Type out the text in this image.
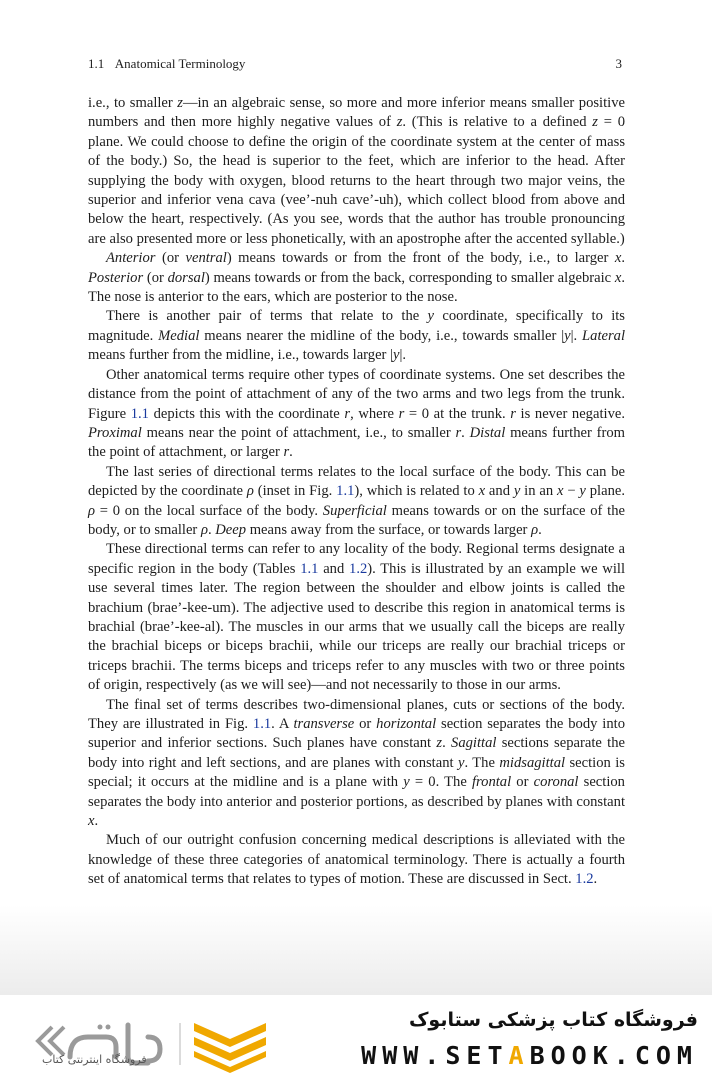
1.1 Anatomical Terminology	3

i.e., to smaller z—in an algebraic sense, so more and more inferior means smaller positive numbers and then more highly negative values of z. (This is relative to a defined z = 0 plane. We could choose to define the origin of the coordinate system at the center of mass of the body.) So, the head is superior to the feet, which are inferior to the head. After supplying the body with oxygen, blood returns to the heart through two major veins, the superior and inferior vena cava (vee’-nuh cave’-uh), which collect blood from above and below the heart, respectively. (As you see, words that the author has trouble pronouncing are also presented more or less phonetically, with an apostrophe after the accented syllable.)

Anterior (or ventral) means towards or from the front of the body, i.e., to larger x. Posterior (or dorsal) means towards or from the back, corresponding to smaller algebraic x. The nose is anterior to the ears, which are posterior to the nose.

There is another pair of terms that relate to the y coordinate, specifically to its magnitude. Medial means nearer the midline of the body, i.e., towards smaller |y|. Lateral means further from the midline, i.e., towards larger |y|.

Other anatomical terms require other types of coordinate systems. One set describes the distance from the point of attachment of any of the two arms and two legs from the trunk. Figure 1.1 depicts this with the coordinate r, where r = 0 at the trunk. r is never negative. Proximal means near the point of attachment, i.e., to smaller r. Distal means further from the point of attachment, or larger r.

The last series of directional terms relates to the local surface of the body. This can be depicted by the coordinate ρ (inset in Fig. 1.1), which is related to x and y in an x − y plane. ρ = 0 on the local surface of the body. Superficial means towards or on the surface of the body, or to smaller ρ. Deep means away from the surface, or towards larger ρ.

These directional terms can refer to any locality of the body. Regional terms designate a specific region in the body (Tables 1.1 and 1.2). This is illustrated by an example we will use several times later. The region between the shoulder and elbow joints is called the brachium (brae’-kee-um). The adjective used to describe this region in anatomical terms is brachial (brae’-kee-al). The muscles in our arms that we usually call the biceps are really the brachial biceps or biceps brachii, while our triceps are really our brachial triceps or triceps brachii. The terms biceps and triceps refer to any muscles with two or three points of origin, respectively (as we will see)—and not necessarily to those in our arms.

The final set of terms describes two-dimensional planes, cuts or sections of the body. They are illustrated in Fig. 1.1. A transverse or horizontal section separates the body into superior and inferior sections. Such planes have constant z. Sagittal sections separate the body into right and left sections, and are planes with constant y. The midsagittal section is special; it occurs at the midline and is a plane with y = 0. The frontal or coronal section separates the body into anterior and posterior portions, as described by planes with constant x.

Much of our outright confusion concerning medical descriptions is alleviated with the knowledge of these three categories of anatomical terminology. There is actually a fourth set of anatomical terms that relates to types of motion. These are discussed in Sect. 1.2.

فروشگاه اینترنتی کتاب
فروشگاه کتاب پزشکی ستابوک
WWW.SETABOOK.COM
